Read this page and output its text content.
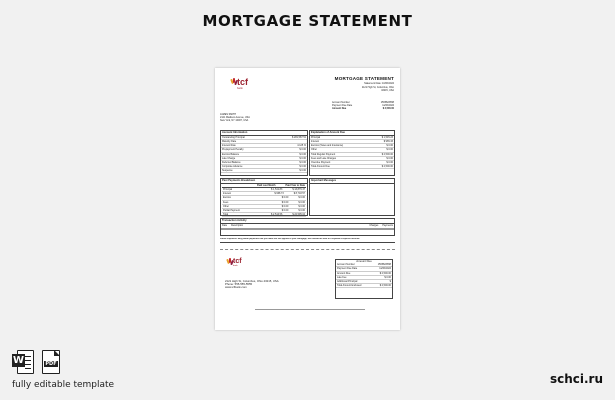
MORTGAGE STATEMENT
tcf
bank
MORTGAGE STATEMENT
Statement Date: 10/06/2024
2121 High St, Columbus, Ohio
43215, USA
Account Number	1565823658
Payment Due Date	11/06/2024
Amount Due	$ 2,500.00
JAMES SMITH
2121 Madison Avenue, USA
New York, NY 10007, USA
Account Information
Outstanding Principal	$ 281,587.51
Maturity Date
Interest Rate	4.125 %
Prepayment Penalty	$ 0.00
Escrow Balance	$ 0.00
Late Charge	$ 0.00
Deferred Balance	$ 0.00
Corporate Advance	$ 0.00
Suspense	$ 0.00
Explanation of Amount Due
Principal	$ 1,545.23
Interest	$ 965.33
Escrow (Taxes and Insurance)	$ 0.00
Other	$ 0.00
Total Regular Payment	$ 2,500.00
Fees and Late Charges	$ 0.00
Overdue Payment	$ 0.00
Total Amount Due	$ 2,500.00
Past Payments Breakdown
Paid Last Month	Paid Year to Date
Principal	$ 1,541.83	$ 13,876.47
Interest	$ 968.73	$ 8,718.57
Escrow	$ 0.00	$ 0.00
Fees	$ 0.00	$ 0.00
Other	$ 0.00	$ 0.00
Partial Payment	$ 0.00	$ 0.00
Total	$ 2,510.56	$ 22,595.04
Important Messages
Transaction Activity
Date Description	Charges Payments
Partial Payments: Any partial payments that you make are not applied to your mortgage, but instead are held in a separate suspense account.
tcf
bank
2121 High St, Columbus, Ohio 43215, USA
Phone: 555-555-5555
www.tcfbank.com
Amount Due
Account Number	1565823658
Payment Due Date	11/06/2024
Amount Due	$ 2,500.00
Late Fee	$ 0.00
Additional Principal	$
Total Amount Enclosed	$ 2,500.00
W	PDF
fully editable template	schci.ru
